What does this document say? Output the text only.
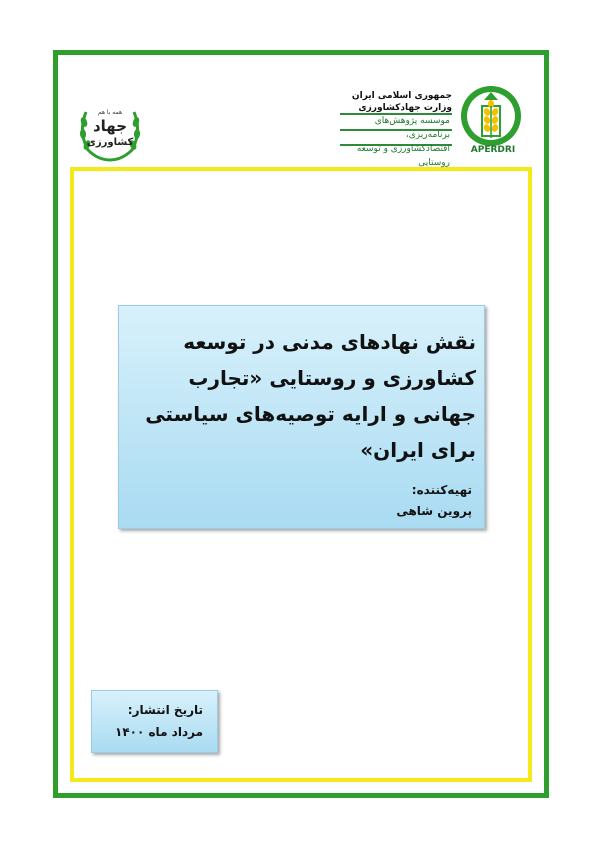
همه با هم
جهاد
کشاورزی
جمهوری اسلامی ایران
وزارت جهادکشاورزی
موسسه پژوهش‌های برنامه‌ریزی،
اقتصادکشاورزی و توسعه روستایی
APERDRI
نقش نهادهای مدنی در توسعه کشاورزی و روستایی «تجارب جهانی و ارایه توصیه‌های سیاستی برای ایران»
تهیه‌کننده:
پروین شاهی
تاریخ انتشار:
مرداد ماه ۱۴۰۰
